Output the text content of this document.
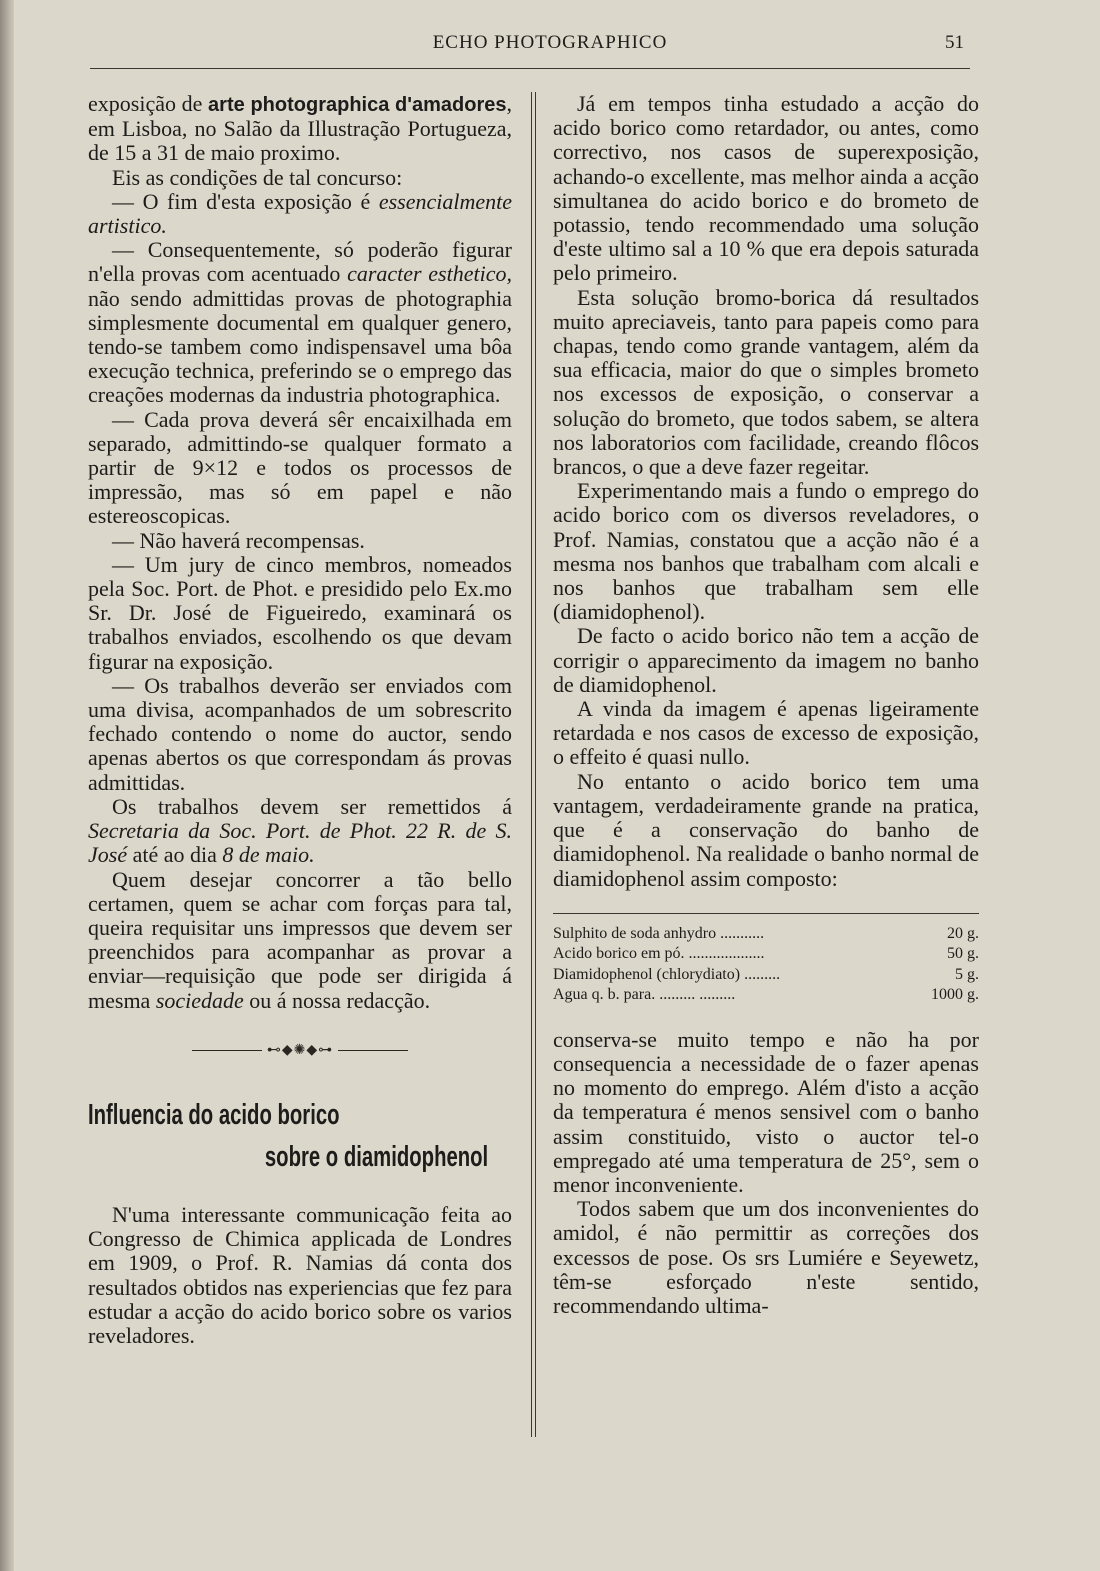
ECHO PHOTOGRAPHICO	51

exposição de arte photographica d'amadores, em Lisboa, no Salão da Illustração Portugueza, de 15 a 31 de maio proximo.

Eis as condições de tal concurso:

— O fim d'esta exposição é essencialmente artistico.

— Consequentemente, só poderão figurar n'ella provas com acentuado caracter esthetico, não sendo admittidas provas de photographia simplesmente documental em qualquer genero, tendo-se tambem como indispensavel uma bôa execução technica, preferindo se o emprego das creações modernas da industria photographica.

— Cada prova deverá sêr encaixilhada em separado, admittindo-se qualquer formato a partir de 9×12 e todos os processos de impressão, mas só em papel e não estereoscopicas.

— Não haverá recompensas.

— Um jury de cinco membros, nomeados pela Soc. Port. de Phot. e presidido pelo Ex.mo Sr. Dr. José de Figueiredo, examinará os trabalhos enviados, escolhendo os que devam figurar na exposição.

— Os trabalhos deverão ser enviados com uma divisa, acompanhados de um sobrescrito fechado contendo o nome do auctor, sendo apenas abertos os que correspondam ás provas admittidas.

Os trabalhos devem ser remettidos á Secretaria da Soc. Port. de Phot. 22 R. de S. José até ao dia 8 de maio.

Quem desejar concorrer a tão bello certamen, quem se achar com forças para tal, queira requisitar uns impressos que devem ser preenchidos para acompanhar as provar a enviar—requisição que pode ser dirigida á mesma sociedade ou á nossa redacção.

⊷◆✺◆⊶
Influencia do acido borico
sobre o diamidophenol

N'uma interessante communicação feita ao Congresso de Chimica applicada de Londres em 1909, o Prof. R. Namias dá conta dos resultados obtidos nas experiencias que fez para estudar a acção do acido borico sobre os varios reveladores.

Já em tempos tinha estudado a acção do acido borico como retardador, ou antes, como correctivo, nos casos de superexposição, achando-o excellente, mas melhor ainda a acção simultanea do acido borico e do brometo de potassio, tendo recommendado uma solução d'este ultimo sal a 10 % que era depois saturada pelo primeiro.

Esta solução bromo-borica dá resultados muito apreciaveis, tanto para papeis como para chapas, tendo como grande vantagem, além da sua efficacia, maior do que o simples brometo nos excessos de exposição, o conservar a solução do brometo, que todos sabem, se altera nos laboratorios com facilidade, creando flôcos brancos, o que a deve fazer regeitar.

Experimentando mais a fundo o emprego do acido borico com os diversos reveladores, o Prof. Namias, constatou que a acção não é a mesma nos banhos que trabalham com alcali e nos banhos que trabalham sem elle (diamidophenol).

De facto o acido borico não tem a acção de corrigir o apparecimento da imagem no banho de diamidophenol.

A vinda da imagem é apenas ligeiramente retardada e nos casos de excesso de exposição, o effeito é quasi nullo.

No entanto o acido borico tem uma vantagem, verdadeiramente grande na pratica, que é a conservação do banho de diamidophenol. Na realidade o banho normal de diamidophenol assim composto:

Sulphito de soda anhydro ...........	20 g.
Acido borico em pó. ...................	50 g.
Diamidophenol (chlorydiato) .........	5 g.
Agua q. b. para. ......... .........	1000 g.

conserva-se muito tempo e não ha por consequencia a necessidade de o fazer apenas no momento do emprego. Além d'isto a acção da temperatura é menos sensivel com o banho assim constituido, visto o auctor tel-o empregado até uma temperatura de 25°, sem o menor inconveniente.

Todos sabem que um dos inconvenientes do amidol, é não permittir as correções dos excessos de pose. Os srs Lumiére e Seyewetz, têm-se esforçado n'este sentido, recommendando ultima-
